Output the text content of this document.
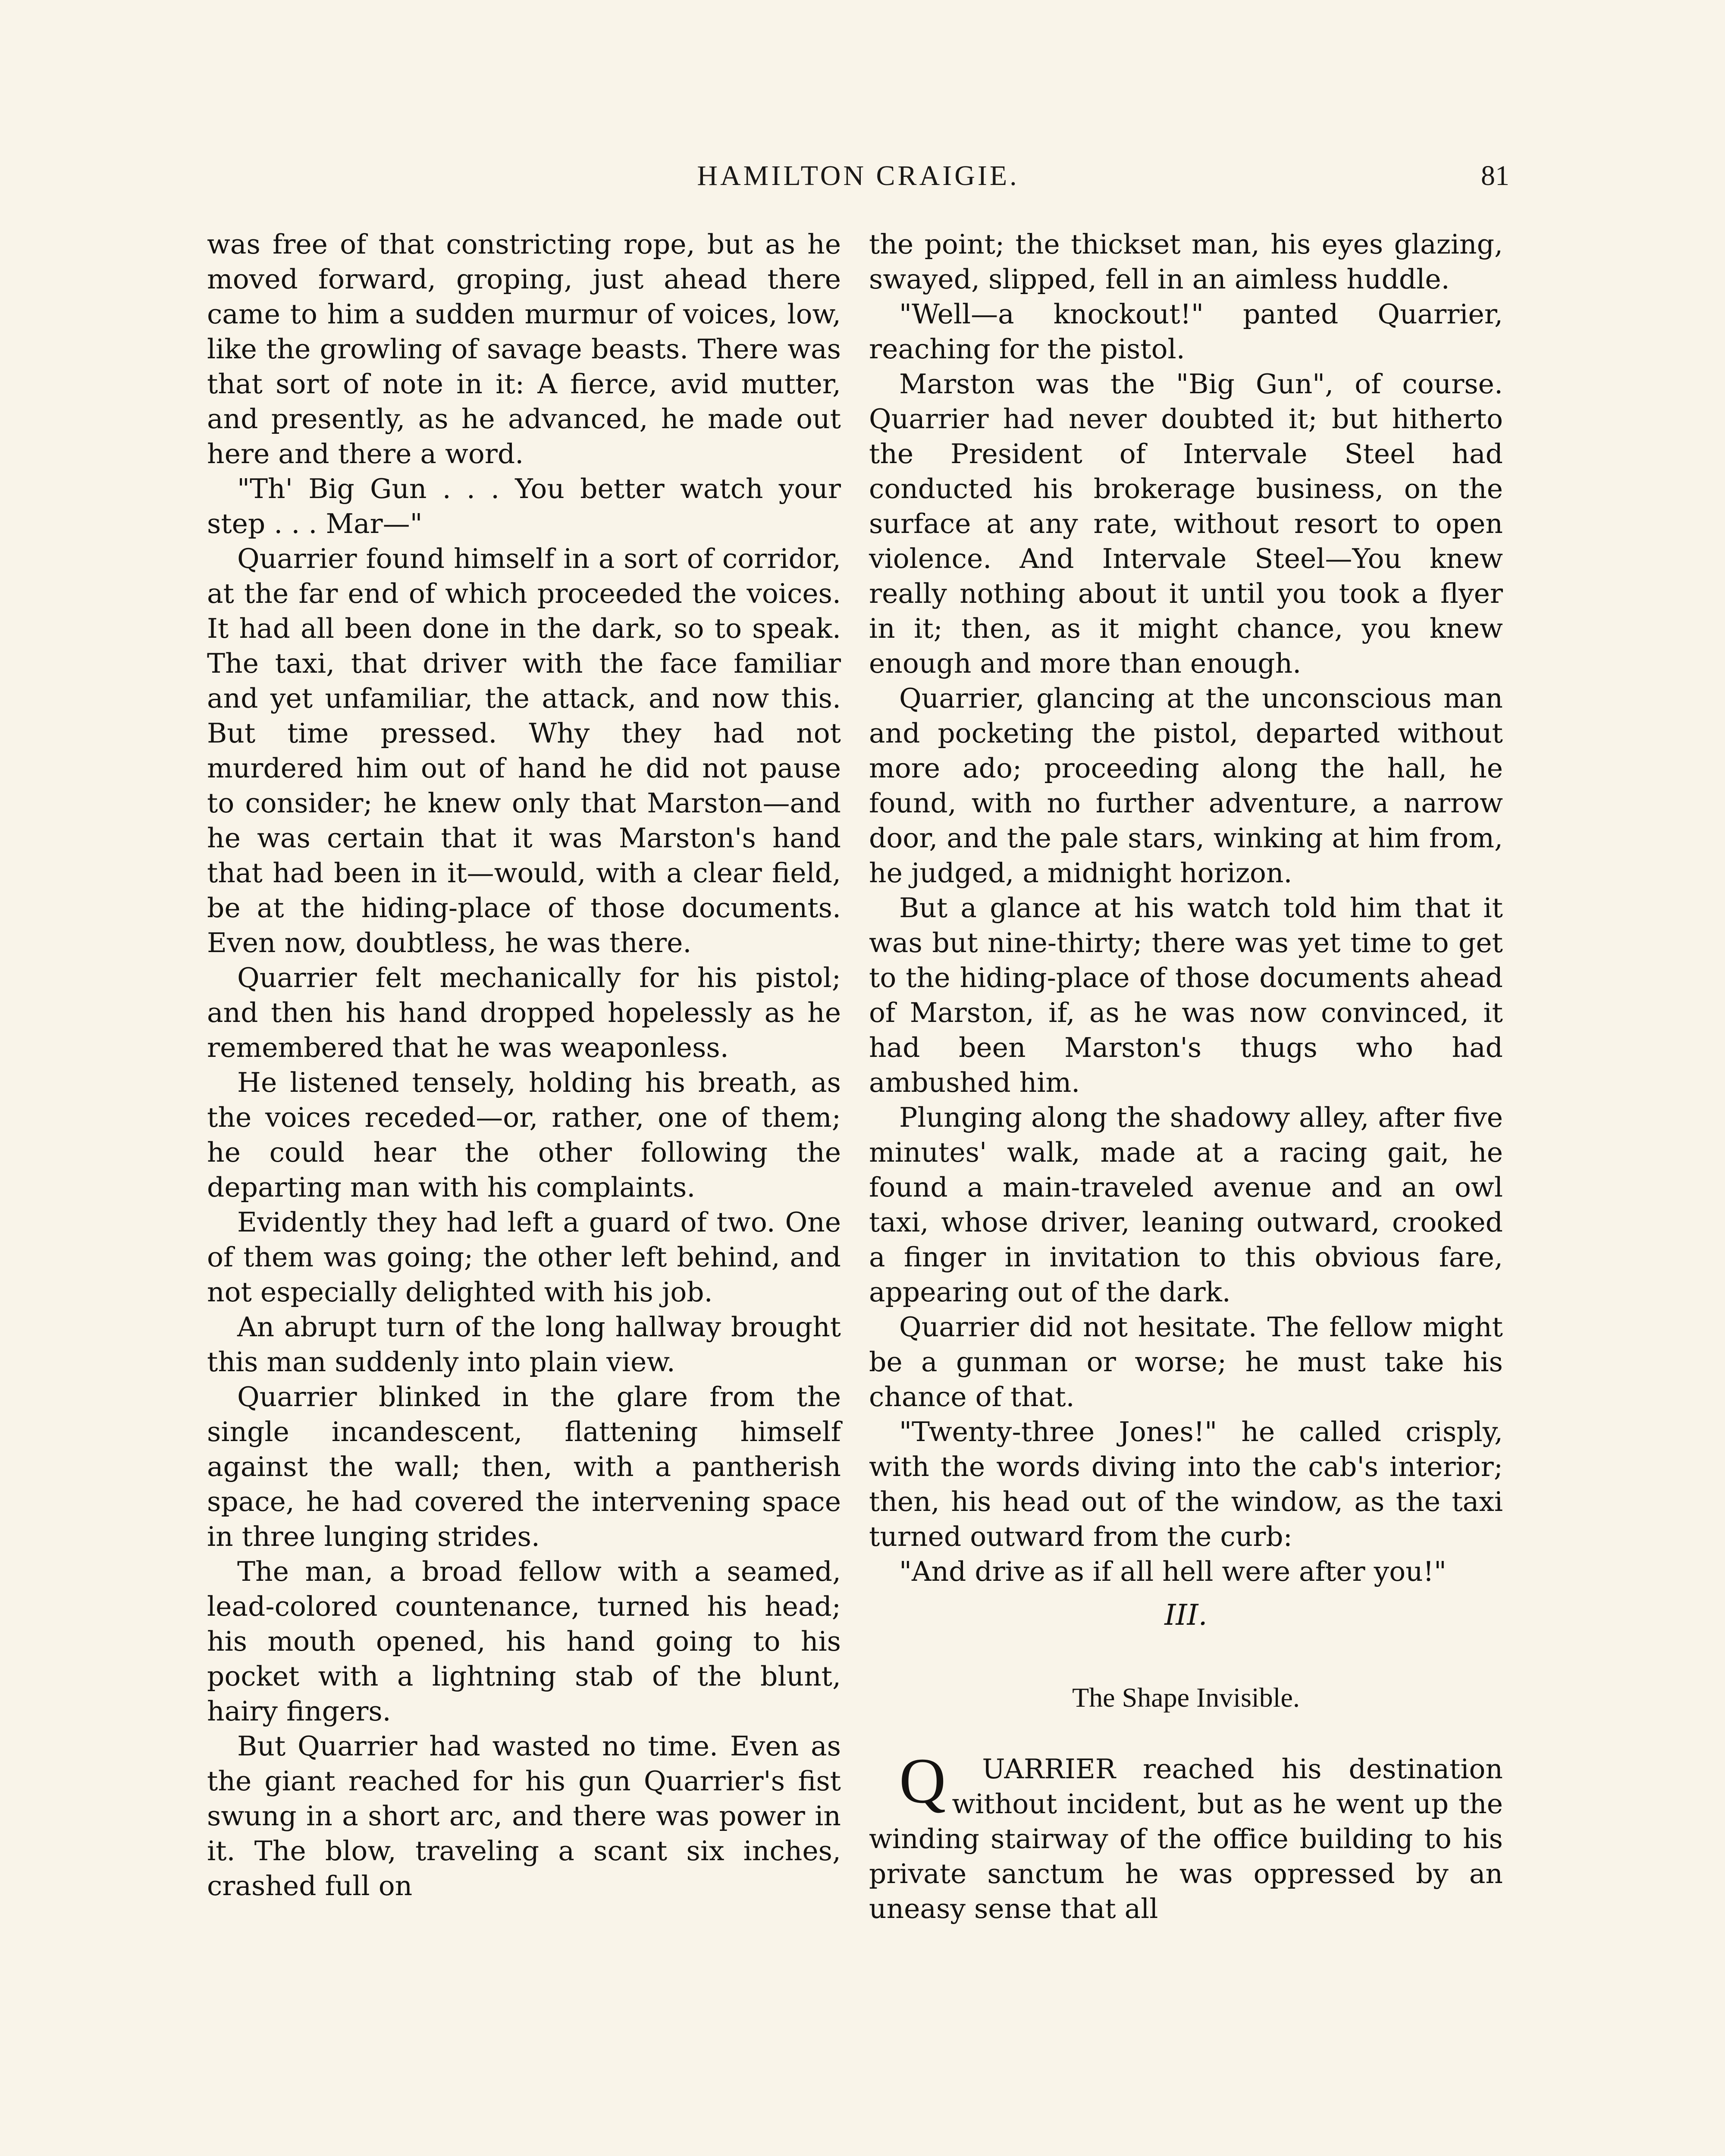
HAMILTON CRAIGIE.	81

was free of that constricting rope, but as he moved forward, groping, just ahead there came to him a sudden murmur of voices, low, like the growling of savage beasts. There was that sort of note in it: A fierce, avid mutter, and presently, as he advanced, he made out here and there a word.

"Th' Big Gun . . . You better watch your step . . . Mar—"

Quarrier found himself in a sort of corridor, at the far end of which proceeded the voices. It had all been done in the dark, so to speak. The taxi, that driver with the face familiar and yet unfamiliar, the attack, and now this. But time pressed. Why they had not murdered him out of hand he did not pause to consider; he knew only that Marston—and he was certain that it was Marston's hand that had been in it—would, with a clear field, be at the hiding-place of those documents. Even now, doubtless, he was there.

Quarrier felt mechanically for his pistol; and then his hand dropped hopelessly as he remembered that he was weaponless.

He listened tensely, holding his breath, as the voices receded—or, rather, one of them; he could hear the other following the departing man with his complaints.

Evidently they had left a guard of two. One of them was going; the other left behind, and not especially delighted with his job.

An abrupt turn of the long hallway brought this man suddenly into plain view.

Quarrier blinked in the glare from the single incandescent, flattening himself against the wall; then, with a pantherish space, he had covered the intervening space in three lunging strides.

The man, a broad fellow with a seamed, lead-colored countenance, turned his head; his mouth opened, his hand going to his pocket with a lightning stab of the blunt, hairy fingers.

But Quarrier had wasted no time. Even as the giant reached for his gun Quarrier's fist swung in a short arc, and there was power in it. The blow, traveling a scant six inches, crashed full on

the point; the thickset man, his eyes glazing, swayed, slipped, fell in an aimless huddle.

"Well—a knockout!" panted Quarrier, reaching for the pistol.

Marston was the "Big Gun", of course. Quarrier had never doubted it; but hitherto the President of Intervale Steel had conducted his brokerage business, on the surface at any rate, without resort to open violence. And Intervale Steel—You knew really nothing about it until you took a flyer in it; then, as it might chance, you knew enough and more than enough.

Quarrier, glancing at the unconscious man and pocketing the pistol, departed without more ado; proceeding along the hall, he found, with no further adventure, a narrow door, and the pale stars, winking at him from, he judged, a midnight horizon.

But a glance at his watch told him that it was but nine-thirty; there was yet time to get to the hiding-place of those documents ahead of Marston, if, as he was now convinced, it had been Marston's thugs who had ambushed him.

Plunging along the shadowy alley, after five minutes' walk, made at a racing gait, he found a main-traveled avenue and an owl taxi, whose driver, leaning outward, crooked a finger in invitation to this obvious fare, appearing out of the dark.

Quarrier did not hesitate. The fellow might be a gunman or worse; he must take his chance of that.

"Twenty-three Jones!" he called crisply, with the words diving into the cab's interior; then, his head out of the window, as the taxi turned outward from the curb:

"And drive as if all hell were after you!"

III.
The Shape Invisible.

Q UARRIER reached his destination without incident, but as he went up the winding stairway of the office building to his private sanctum he was oppressed by an uneasy sense that all
